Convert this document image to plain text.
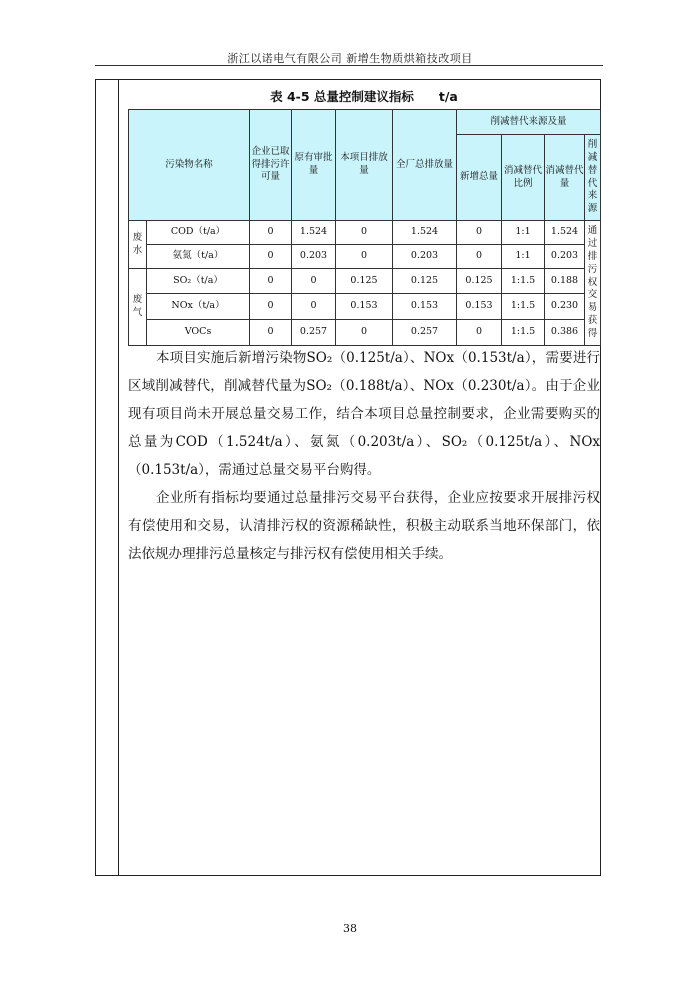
浙江以诺电气有限公司 新增生物质烘箱技改项目
表 4-5 总量控制建议指标　　t/a
污染物名称		企业已取得排污许可量	原有审批量	本项目排放量	全厂总排放量	削减替代来源及量			
						新增总量	消减替代比例	消减替代量	削减替代来源
废水	COD（t/a）	0	1.524	0	1.524	0	1:1	1.524	通过排污权交易获得
	氨氮（t/a）	0	0.203	0	0.203	0	1:1	0.203	
废气	SO₂（t/a）	0	0	0.125	0.125	0.125	1:1.5	0.188	
	NOx（t/a）	0	0	0.153	0.153	0.153	1:1.5	0.230	
	VOCs	0	0.257	0	0.257	0	1:1.5	0.386	

本项目实施后新增污染物SO₂（0.125t/a）、NOx（0.153t/a），需要进行区域削减替代，削减替代量为SO₂（0.188t/a）、NOx（0.230t/a）。由于企业现有项目尚未开展总量交易工作，结合本项目总量控制要求，企业需要购买的总量为COD（1.524t/a）、氨氮（0.203t/a）、SO₂（0.125t/a）、NOx（0.153t/a），需通过总量交易平台购得。

企业所有指标均要通过总量排污交易平台获得，企业应按要求开展排污权有偿使用和交易，认清排污权的资源稀缺性，积极主动联系当地环保部门，依法依规办理排污总量核定与排污权有偿使用相关手续。

38
